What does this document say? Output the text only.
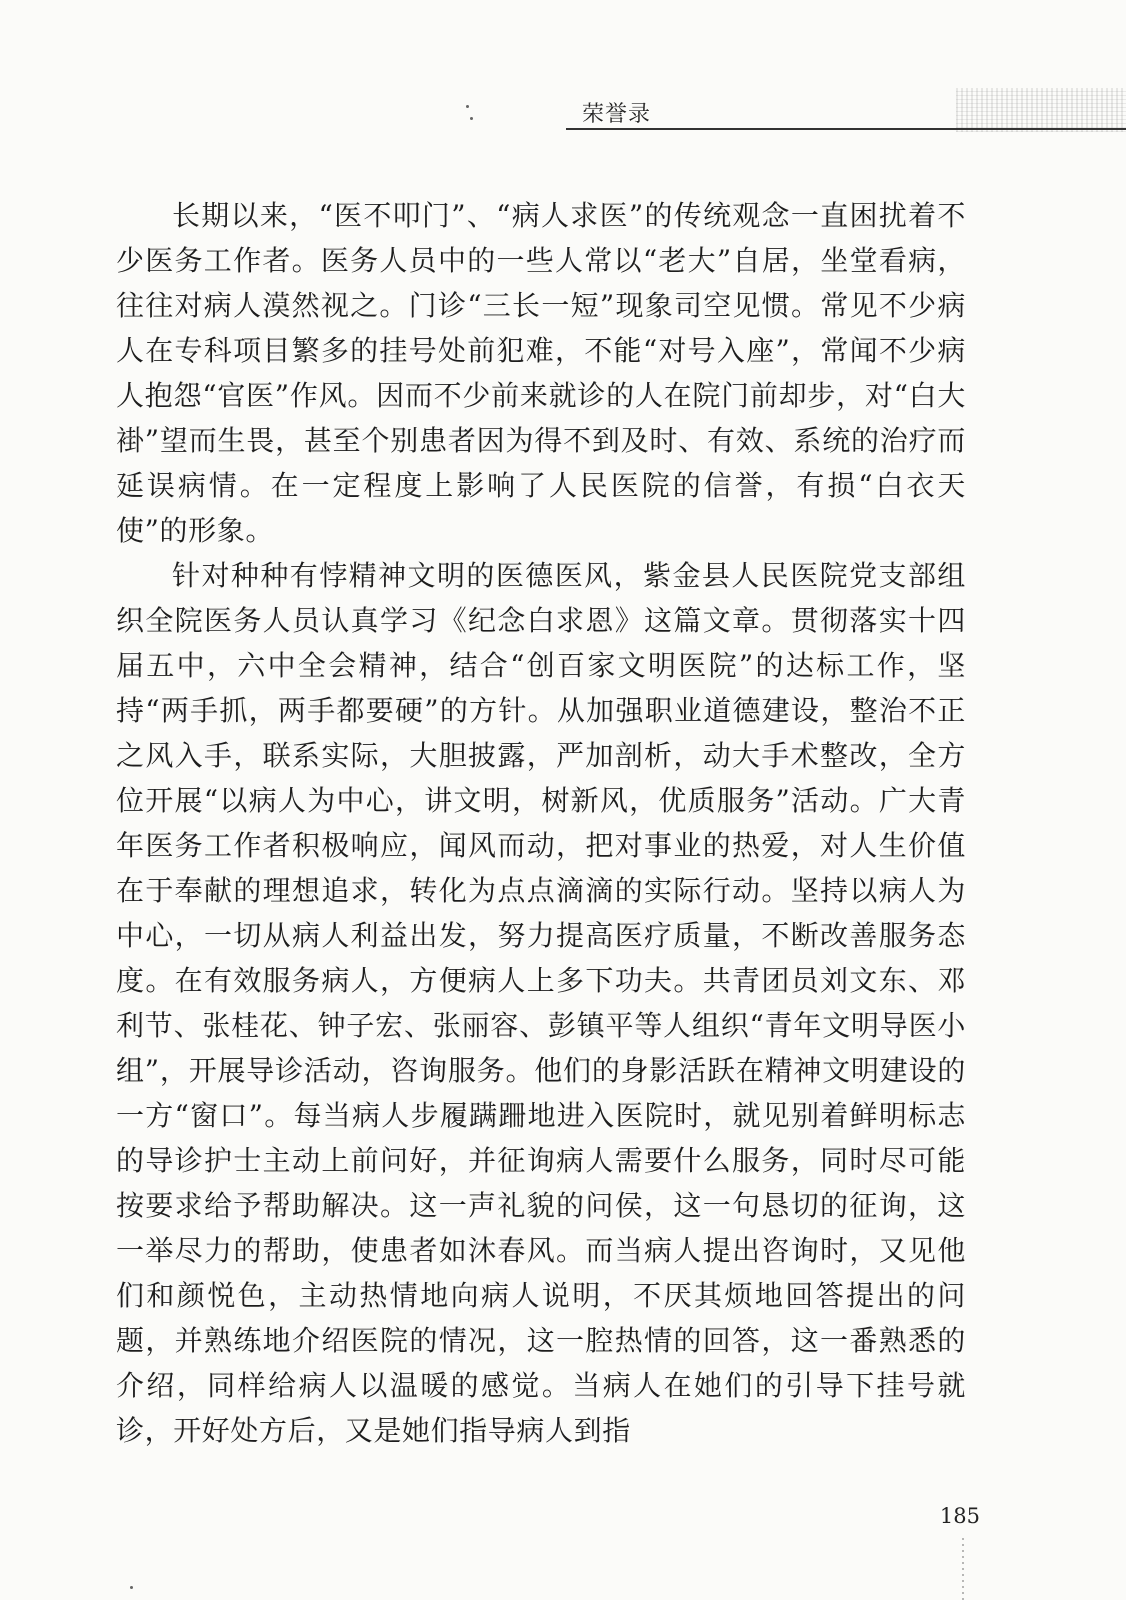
荣誉录

长期以来，“医不叩门”、“病人求医”的传统观念一直困扰着不少医务工作者。医务人员中的一些人常以“老大”自居，坐堂看病，往往对病人漠然视之。门诊“三长一短”现象司空见惯。常见不少病人在专科项目繁多的挂号处前犯难，不能“对号入座”，常闻不少病人抱怨“官医”作风。因而不少前来就诊的人在院门前却步，对“白大褂”望而生畏，甚至个别患者因为得不到及时、有效、系统的治疗而延误病情。在一定程度上影响了人民医院的信誉，有损“白衣天使”的形象。

针对种种有悖精神文明的医德医风，紫金县人民医院党支部组织全院医务人员认真学习《纪念白求恩》这篇文章。贯彻落实十四届五中，六中全会精神，结合“创百家文明医院”的达标工作，坚持“两手抓，两手都要硬”的方针。从加强职业道德建设，整治不正之风入手，联系实际，大胆披露，严加剖析，动大手术整改，全方位开展“以病人为中心，讲文明，树新风，优质服务”活动。广大青年医务工作者积极响应，闻风而动，把对事业的热爱，对人生价值在于奉献的理想追求，转化为点点滴滴的实际行动。坚持以病人为中心，一切从病人利益出发，努力提高医疗质量，不断改善服务态度。在有效服务病人，方便病人上多下功夫。共青团员刘文东、邓利节、张桂花、钟子宏、张丽容、彭镇平等人组织“青年文明导医小组”，开展导诊活动，咨询服务。他们的身影活跃在精神文明建设的一方“窗口”。每当病人步履蹒跚地进入医院时，就见别着鲜明标志的导诊护士主动上前问好，并征询病人需要什么服务，同时尽可能按要求给予帮助解决。这一声礼貌的问侯，这一句恳切的征询，这一举尽力的帮助，使患者如沐春风。而当病人提出咨询时，又见他们和颜悦色，主动热情地向病人说明，不厌其烦地回答提出的问题，并熟练地介绍医院的情况，这一腔热情的回答，这一番熟悉的介绍，同样给病人以温暖的感觉。当病人在她们的引导下挂号就诊，开好处方后，又是她们指导病人到指

185
